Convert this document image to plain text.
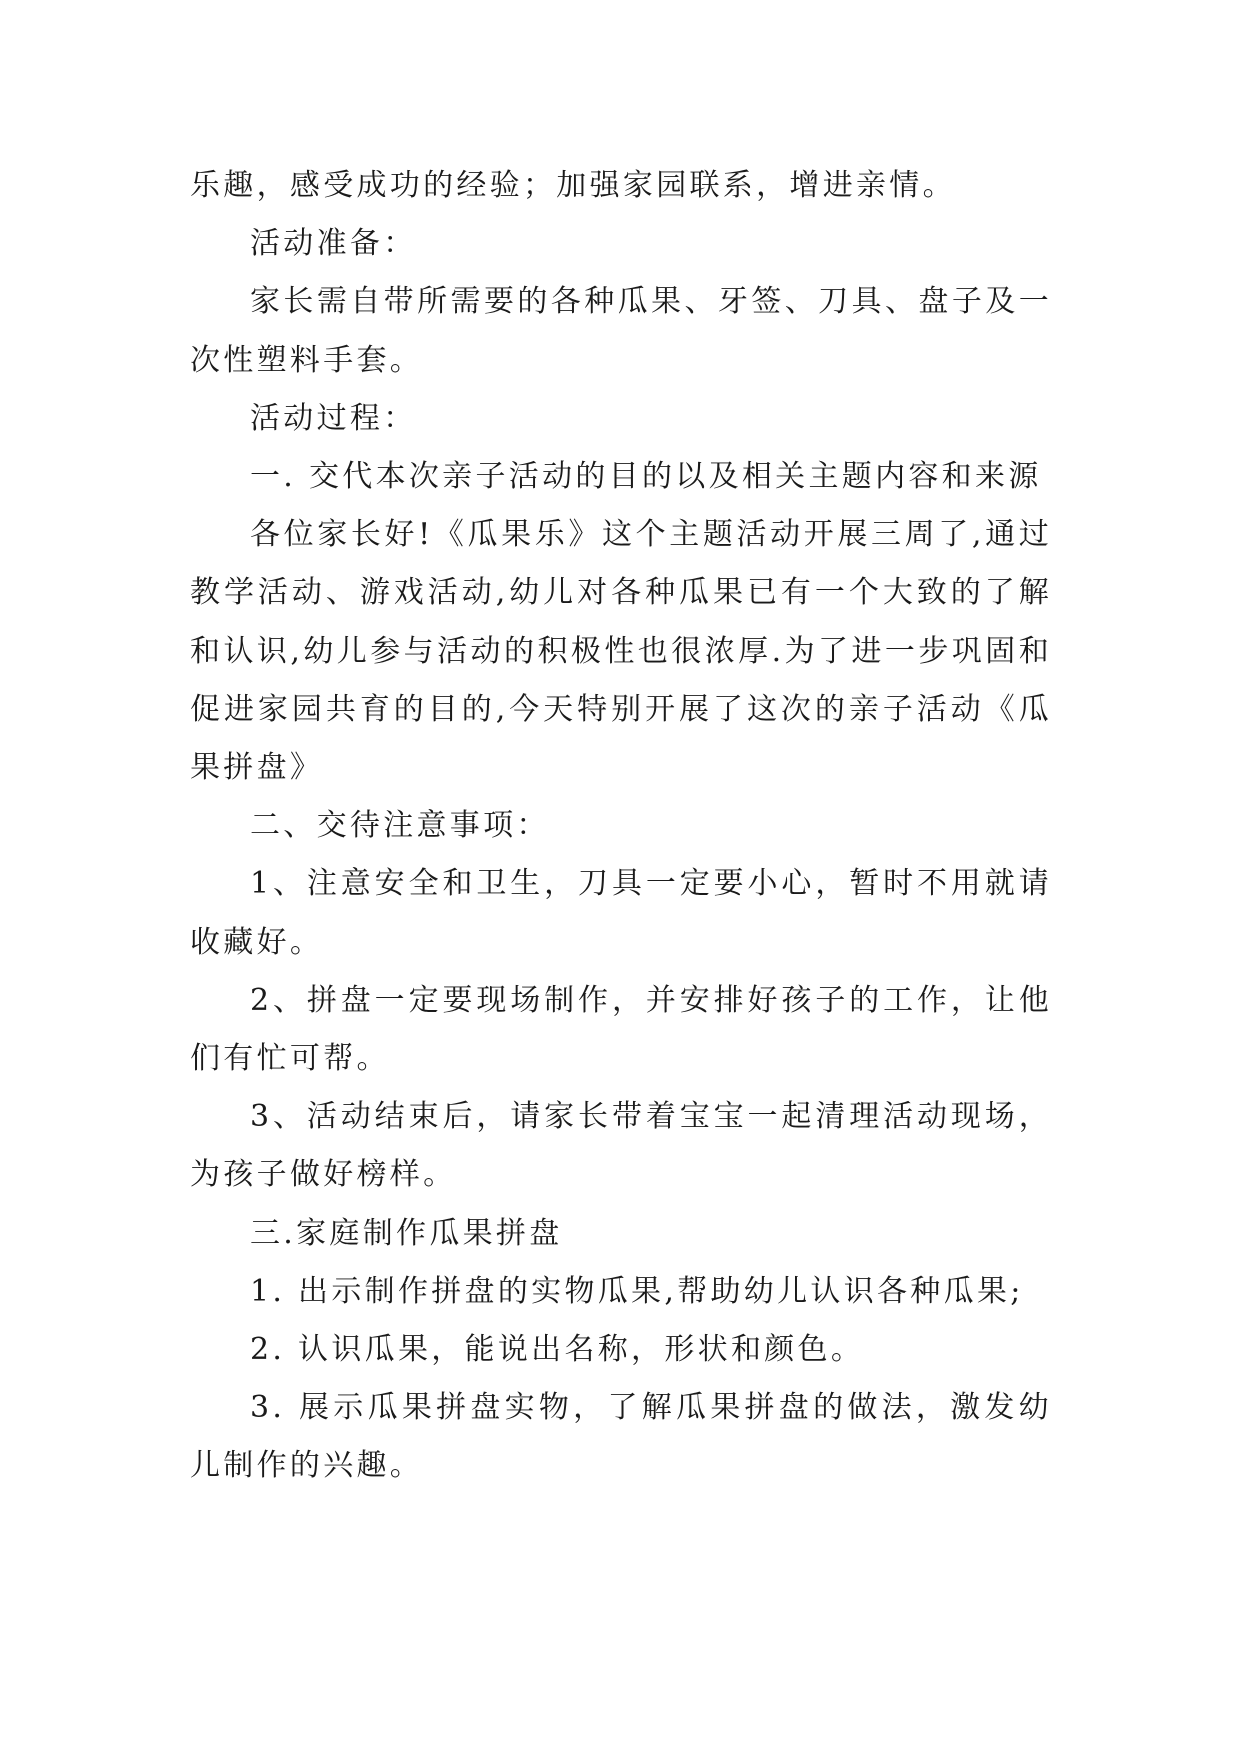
乐趣，感受成功的经验；加强家园联系，增进亲情。

活动准备：

家长需自带所需要的各种瓜果、牙签、刀具、盘子及一次性塑料手套。

活动过程：

一. 交代本次亲子活动的目的以及相关主题内容和来源

各位家长好!《瓜果乐》这个主题活动开展三周了,通过教学活动、游戏活动,幼儿对各种瓜果已有一个大致的了解和认识,幼儿参与活动的积极性也很浓厚.为了进一步巩固和促进家园共育的目的,今天特别开展了这次的亲子活动《瓜果拼盘》

二、交待注意事项：

1、注意安全和卫生，刀具一定要小心，暂时不用就请收藏好。

2、拼盘一定要现场制作，并安排好孩子的工作，让他们有忙可帮。

3、活动结束后，请家长带着宝宝一起清理活动现场，为孩子做好榜样。

三.家庭制作瓜果拼盘

1. 出示制作拼盘的实物瓜果,帮助幼儿认识各种瓜果;

2. 认识瓜果，能说出名称，形状和颜色。

3. 展示瓜果拼盘实物，了解瓜果拼盘的做法，激发幼儿制作的兴趣。
